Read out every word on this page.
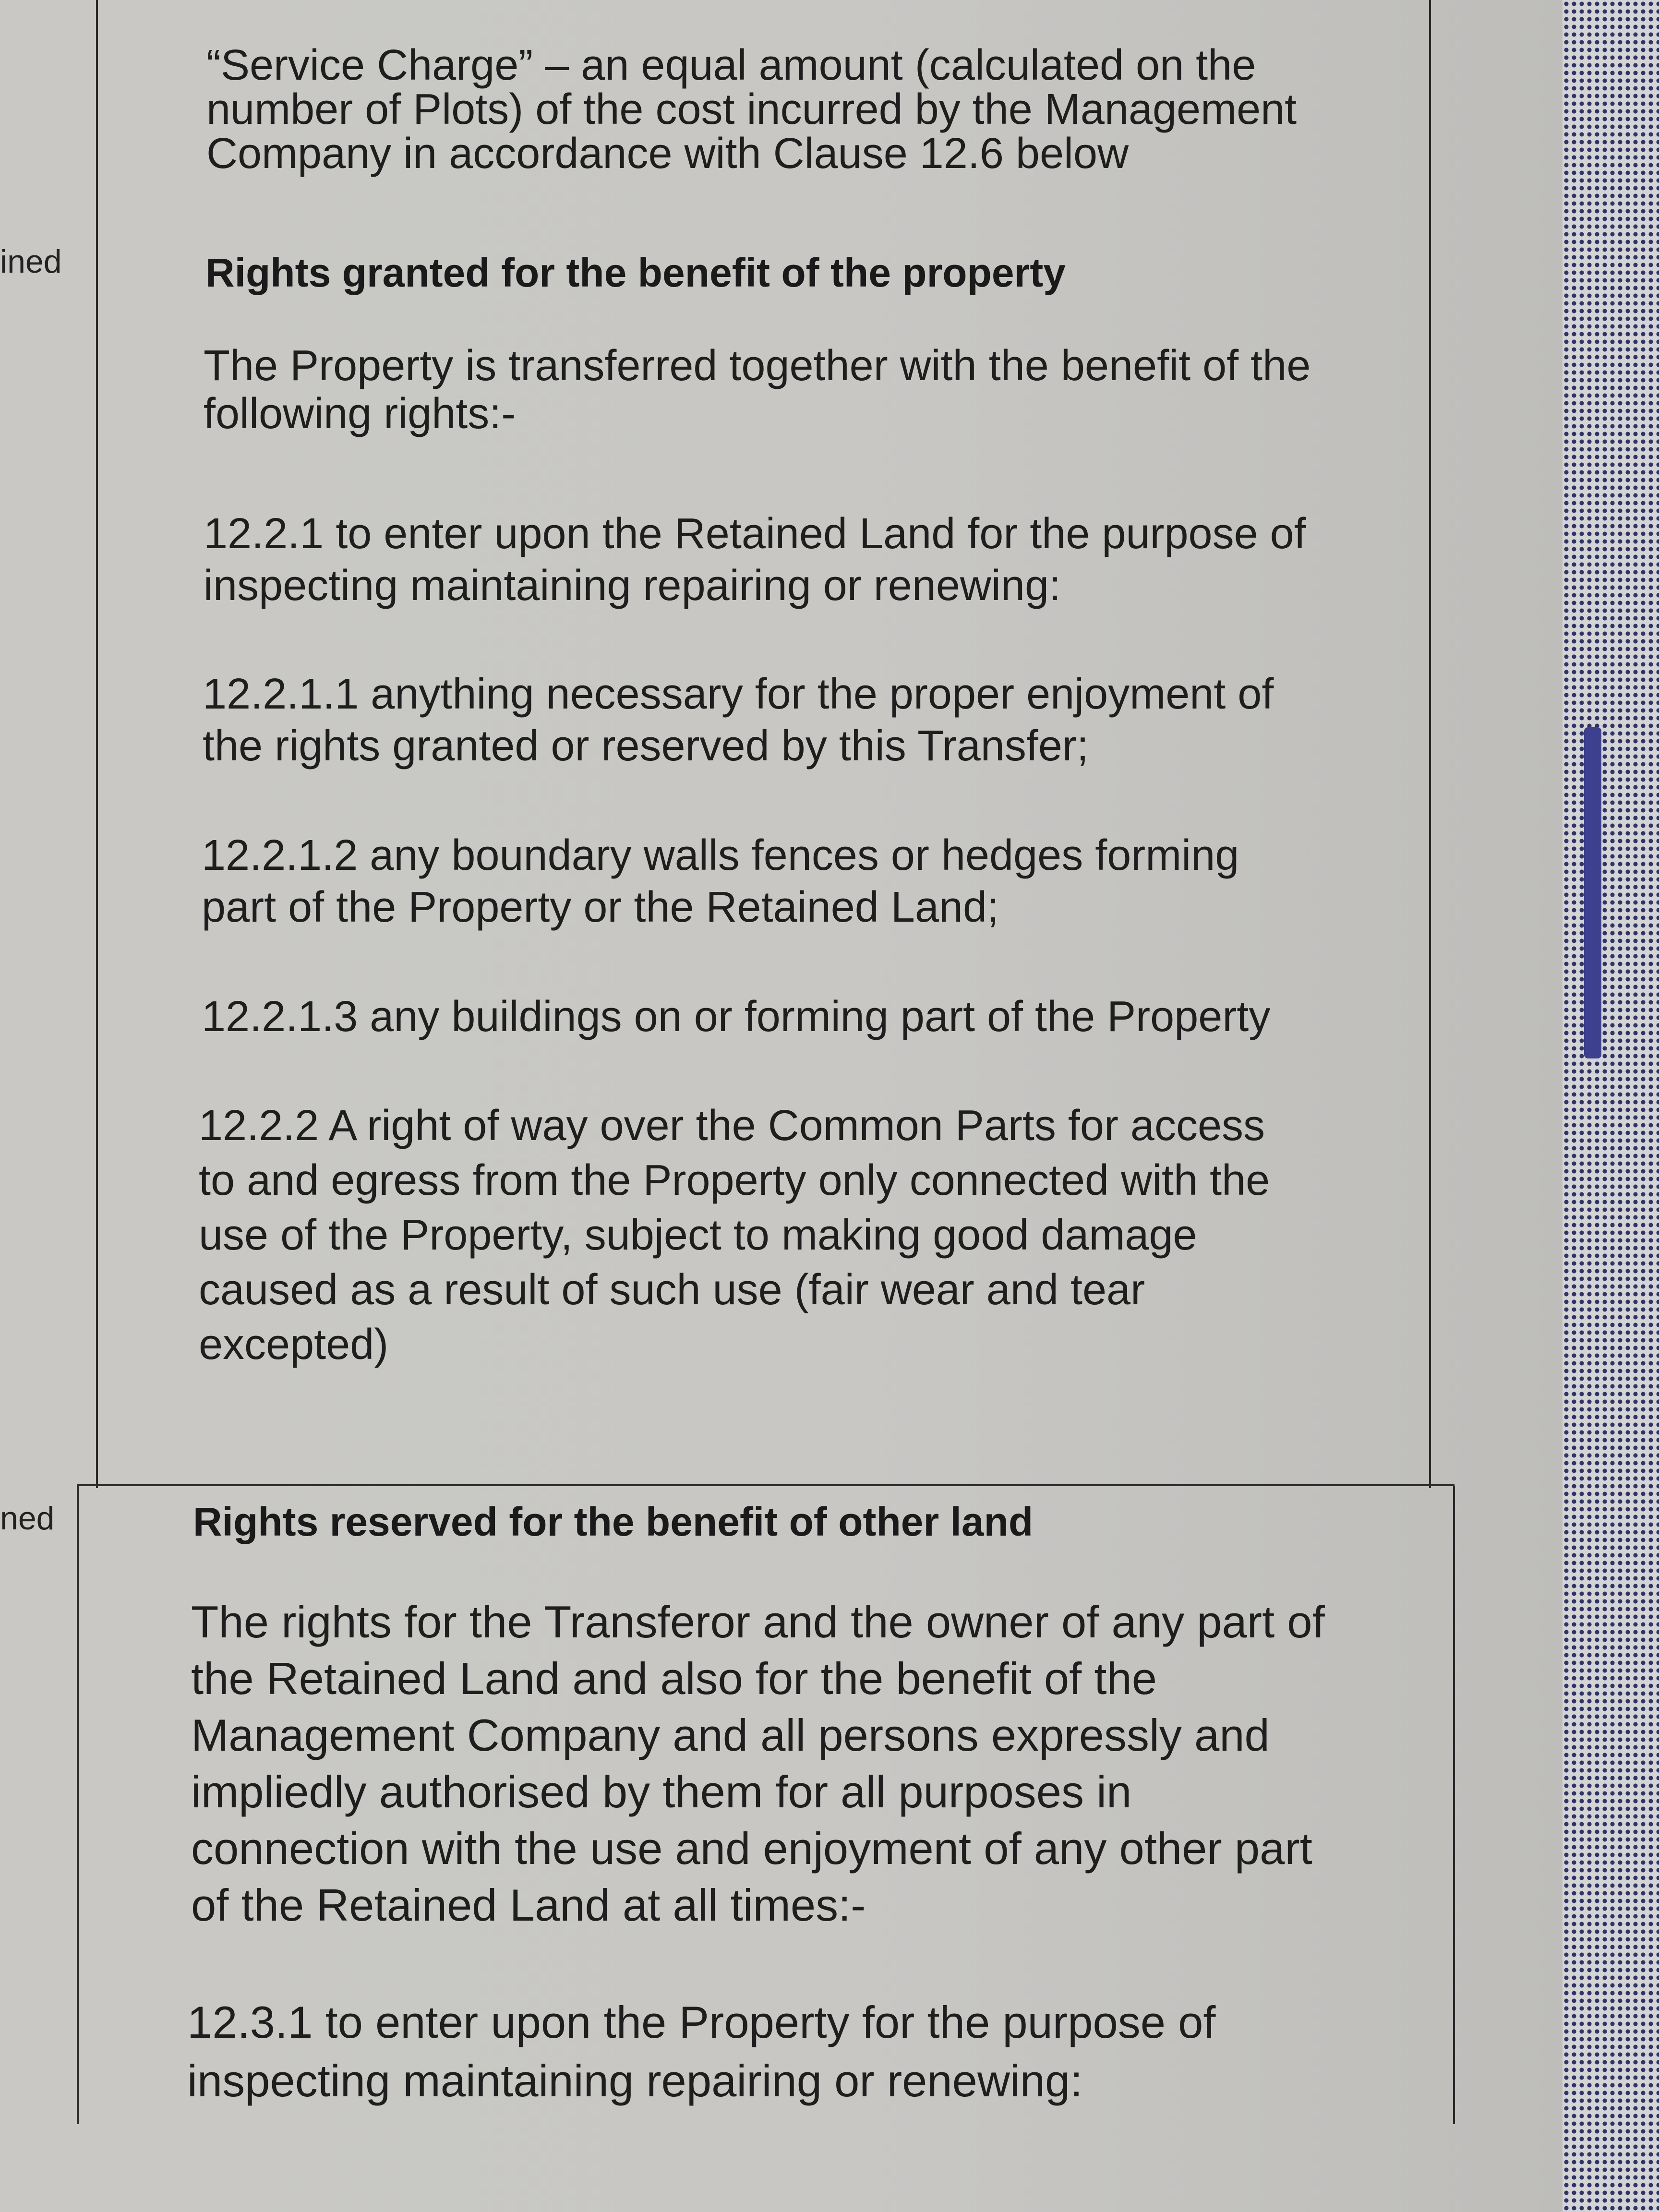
ined
ned
“Service Charge” – an equal amount (calculated on the
number of Plots) of the cost incurred by the Management
Company in accordance with Clause 12.6 below
Rights granted for the benefit of the property
The Property is transferred together with the benefit of the
following rights:-
12.2.1 to enter upon the Retained Land for the purpose of
inspecting maintaining repairing or renewing:
12.2.1.1 anything necessary for the proper enjoyment of
the rights granted or reserved by this Transfer;
12.2.1.2 any boundary walls fences or hedges forming
part of the Property or the Retained Land;
12.2.1.3 any buildings on or forming part of the Property
12.2.2 A right of way over the Common Parts for access
to and egress from the Property only connected with the
use of the Property, subject to making good damage
caused as a result of such use (fair wear and tear
excepted)
Rights reserved for the benefit of other land
The rights for the Transferor and the owner of any part of
the Retained Land and also for the benefit of the
Management Company and all persons expressly and
impliedly authorised by them for all purposes in
connection with the use and enjoyment of any other part
of the Retained Land at all times:-
12.3.1 to enter upon the Property for the purpose of
inspecting maintaining repairing or renewing:
